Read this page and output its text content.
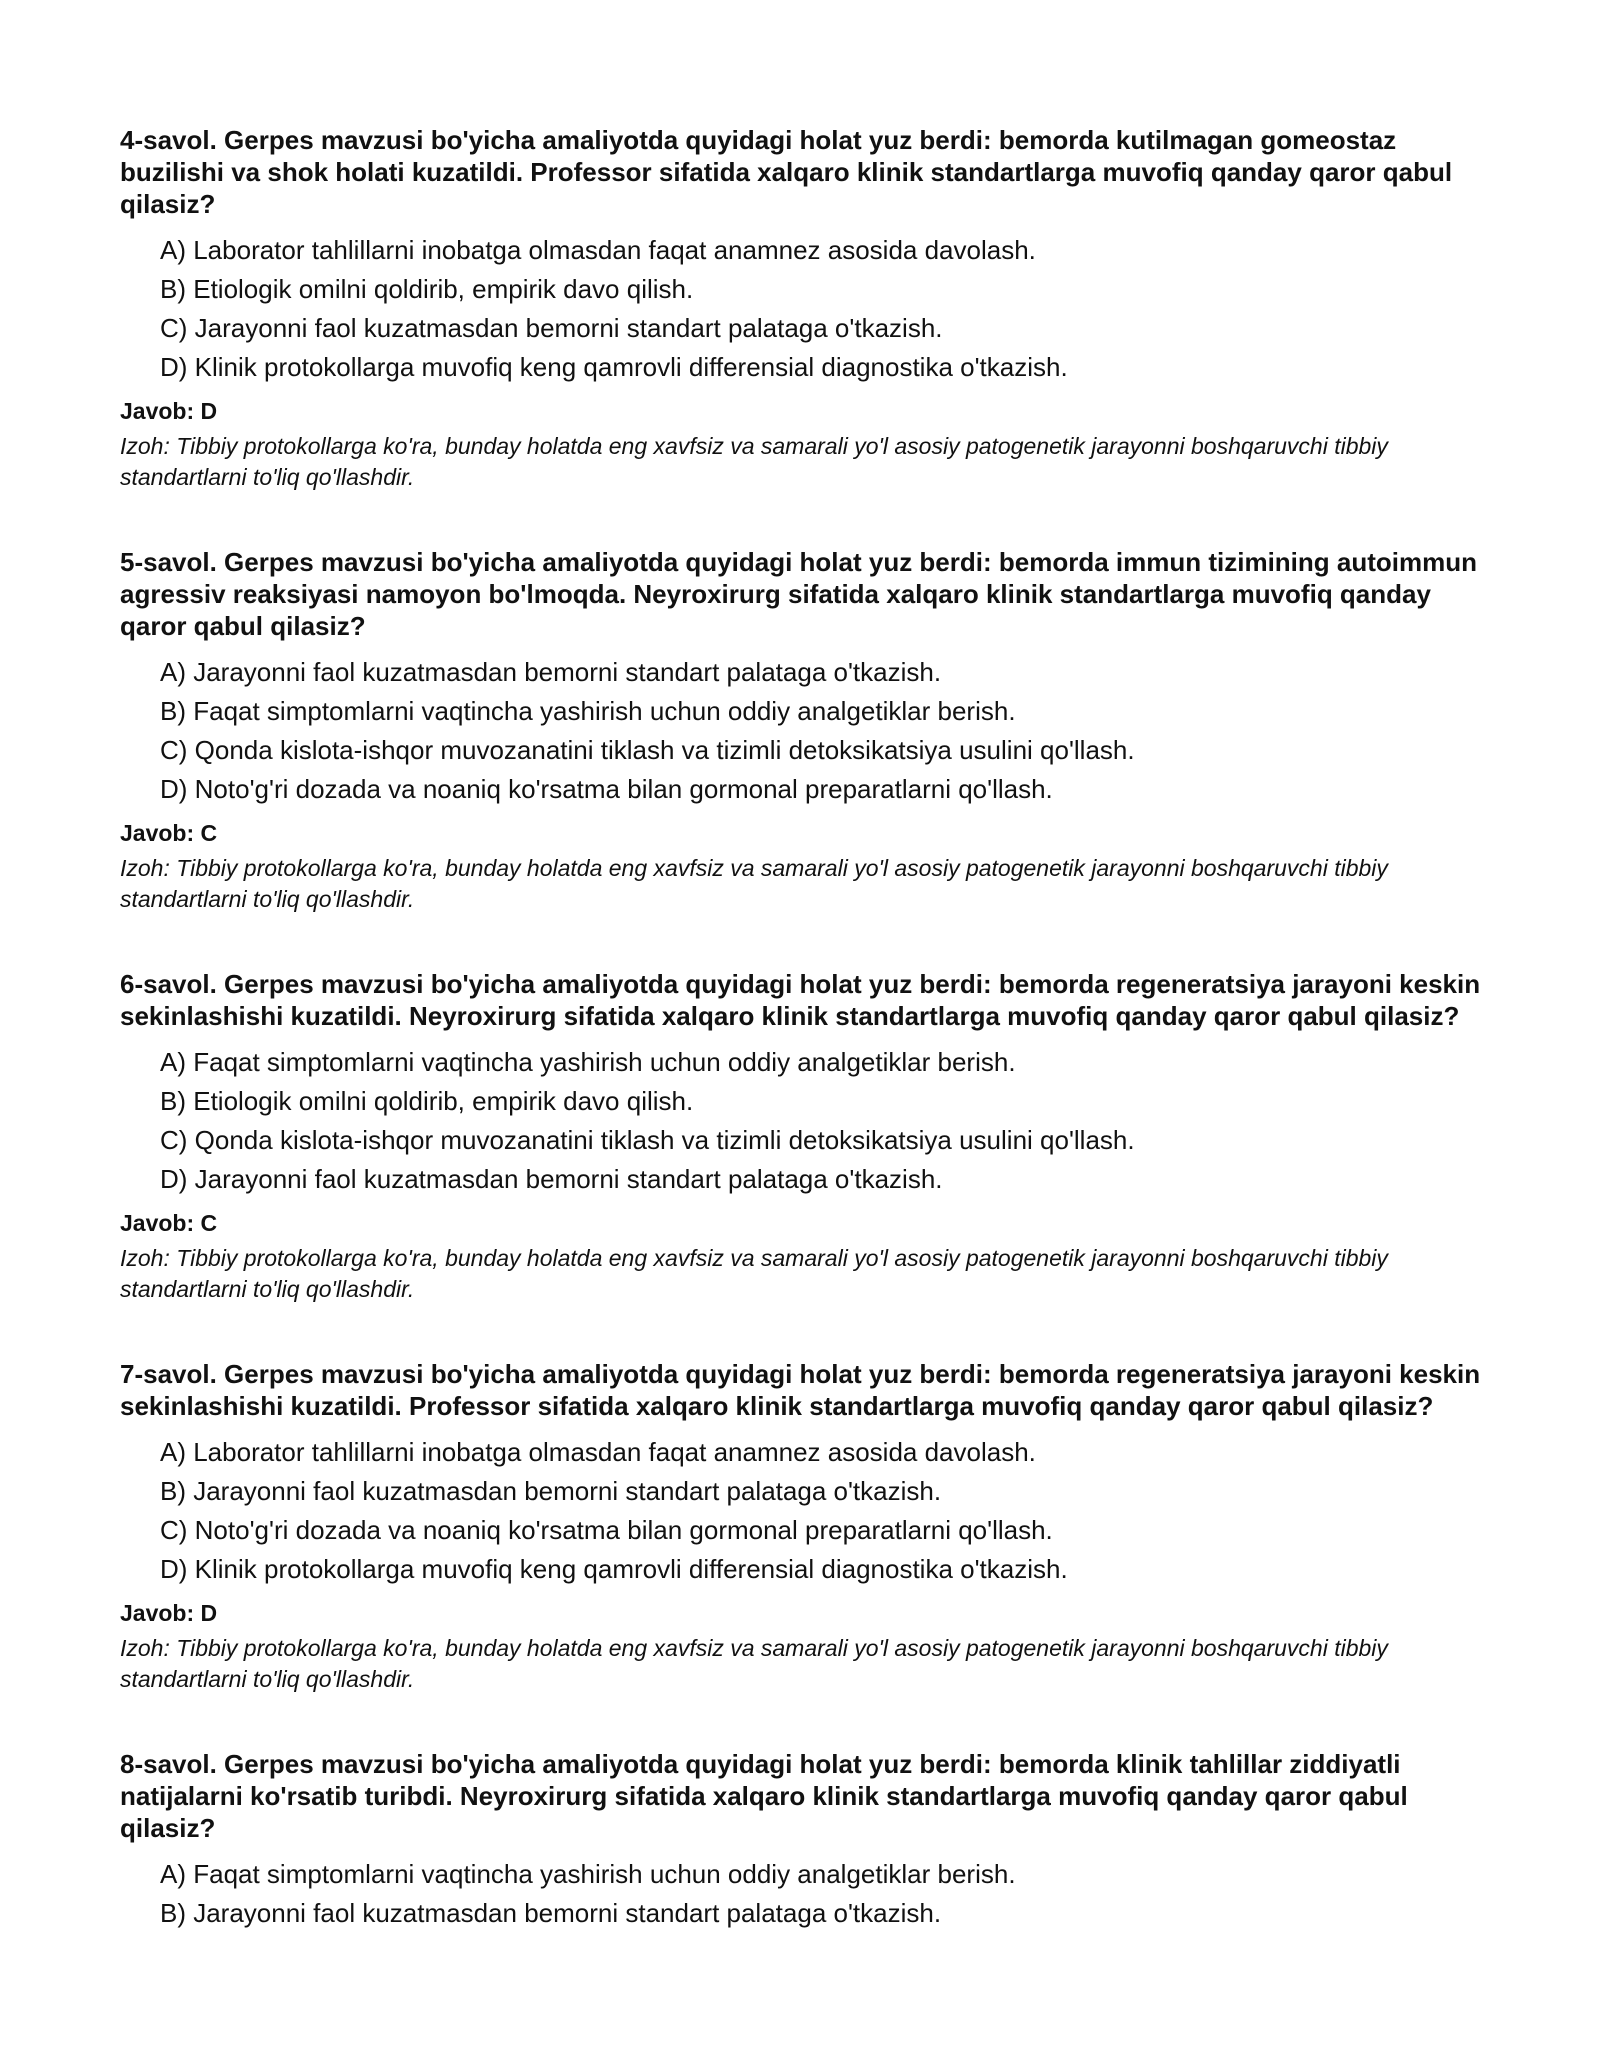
4-savol. Gerpes mavzusi bo'yicha amaliyotda quyidagi holat yuz berdi: bemorda kutilmagan gomeostaz buzilishi va shok holati kuzatildi. Professor sifatida xalqaro klinik standartlarga muvofiq qanday qaror qabul qilasiz?
A) Laborator tahlillarni inobatga olmasdan faqat anamnez asosida davolash.
B) Etiologik omilni qoldirib, empirik davo qilish.
C) Jarayonni faol kuzatmasdan bemorni standart palataga o'tkazish.
D) Klinik protokollarga muvofiq keng qamrovli differensial diagnostika o'tkazish.
Javob: D

Izoh: Tibbiy protokollarga ko'ra, bunday holatda eng xavfsiz va samarali yo'l asosiy patogenetik jarayonni boshqaruvchi tibbiy standartlarni to'liq qo'llashdir.

5-savol. Gerpes mavzusi bo'yicha amaliyotda quyidagi holat yuz berdi: bemorda immun tizimining autoimmun agressiv reaksiyasi namoyon bo'lmoqda. Neyroxirurg sifatida xalqaro klinik standartlarga muvofiq qanday qaror qabul qilasiz?
A) Jarayonni faol kuzatmasdan bemorni standart palataga o'tkazish.
B) Faqat simptomlarni vaqtincha yashirish uchun oddiy analgetiklar berish.
C) Qonda kislota-ishqor muvozanatini tiklash va tizimli detoksikatsiya usulini qo'llash.
D) Noto'g'ri dozada va noaniq ko'rsatma bilan gormonal preparatlarni qo'llash.
Javob: C

Izoh: Tibbiy protokollarga ko'ra, bunday holatda eng xavfsiz va samarali yo'l asosiy patogenetik jarayonni boshqaruvchi tibbiy standartlarni to'liq qo'llashdir.

6-savol. Gerpes mavzusi bo'yicha amaliyotda quyidagi holat yuz berdi: bemorda regeneratsiya jarayoni keskin sekinlashishi kuzatildi. Neyroxirurg sifatida xalqaro klinik standartlarga muvofiq qanday qaror qabul qilasiz?
A) Faqat simptomlarni vaqtincha yashirish uchun oddiy analgetiklar berish.
B) Etiologik omilni qoldirib, empirik davo qilish.
C) Qonda kislota-ishqor muvozanatini tiklash va tizimli detoksikatsiya usulini qo'llash.
D) Jarayonni faol kuzatmasdan bemorni standart palataga o'tkazish.
Javob: C

Izoh: Tibbiy protokollarga ko'ra, bunday holatda eng xavfsiz va samarali yo'l asosiy patogenetik jarayonni boshqaruvchi tibbiy standartlarni to'liq qo'llashdir.

7-savol. Gerpes mavzusi bo'yicha amaliyotda quyidagi holat yuz berdi: bemorda regeneratsiya jarayoni keskin sekinlashishi kuzatildi. Professor sifatida xalqaro klinik standartlarga muvofiq qanday qaror qabul qilasiz?
A) Laborator tahlillarni inobatga olmasdan faqat anamnez asosida davolash.
B) Jarayonni faol kuzatmasdan bemorni standart palataga o'tkazish.
C) Noto'g'ri dozada va noaniq ko'rsatma bilan gormonal preparatlarni qo'llash.
D) Klinik protokollarga muvofiq keng qamrovli differensial diagnostika o'tkazish.
Javob: D

Izoh: Tibbiy protokollarga ko'ra, bunday holatda eng xavfsiz va samarali yo'l asosiy patogenetik jarayonni boshqaruvchi tibbiy standartlarni to'liq qo'llashdir.

8-savol. Gerpes mavzusi bo'yicha amaliyotda quyidagi holat yuz berdi: bemorda klinik tahlillar ziddiyatli natijalarni ko'rsatib turibdi. Neyroxirurg sifatida xalqaro klinik standartlarga muvofiq qanday qaror qabul qilasiz?
A) Faqat simptomlarni vaqtincha yashirish uchun oddiy analgetiklar berish.
B) Jarayonni faol kuzatmasdan bemorni standart palataga o'tkazish.
